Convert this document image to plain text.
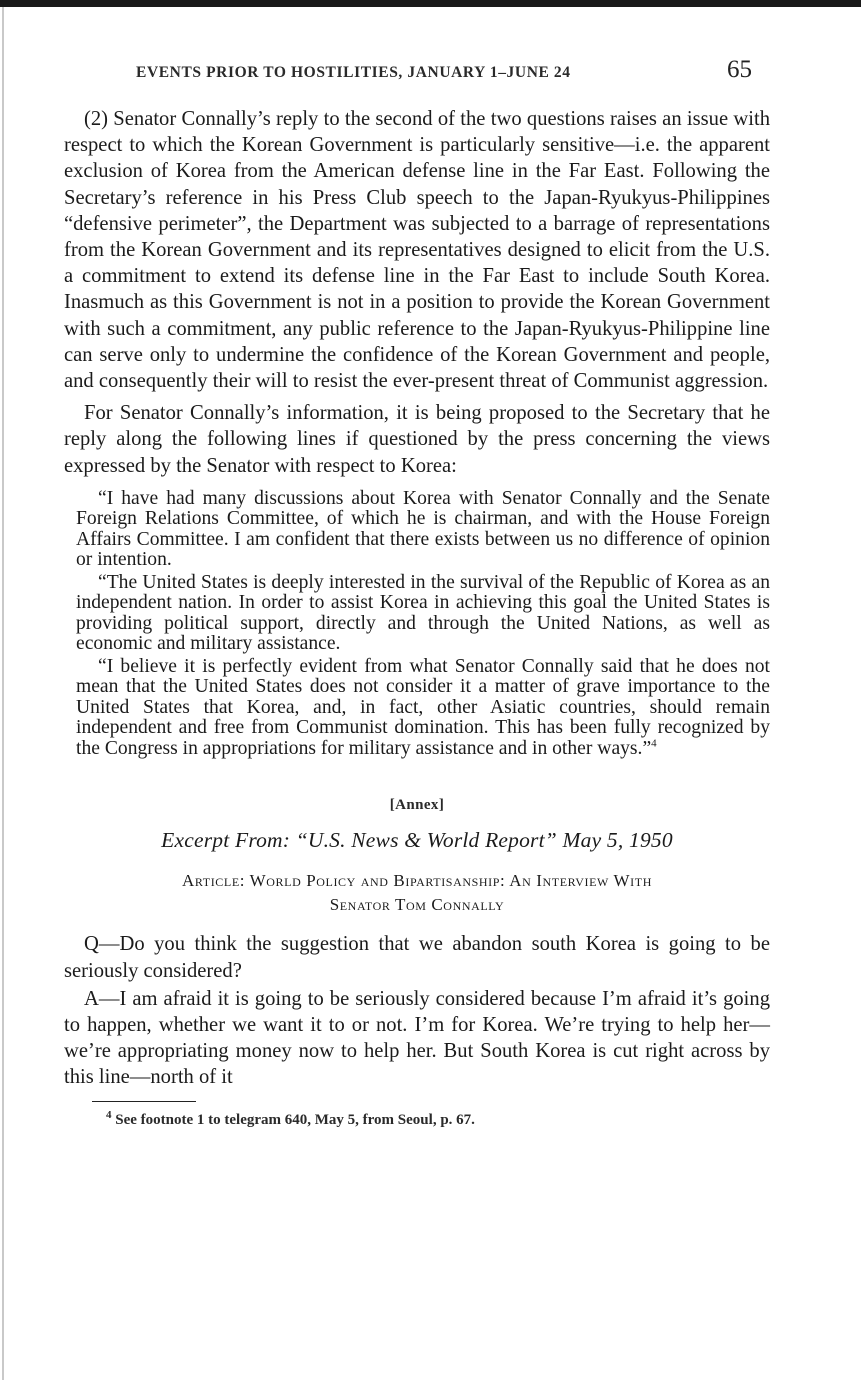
EVENTS PRIOR TO HOSTILITIES, JANUARY 1–JUNE 24	65

(2) Senator Connally’s reply to the second of the two questions raises an issue with respect to which the Korean Government is particularly sensitive—i.e. the apparent exclusion of Korea from the American defense line in the Far East. Following the Secretary’s reference in his Press Club speech to the Japan-Ryukyus-Philippines “defensive perimeter”, the Department was subjected to a barrage of representations from the Korean Government and its representatives designed to elicit from the U.S. a commitment to extend its defense line in the Far East to include South Korea. Inasmuch as this Government is not in a position to provide the Korean Government with such a commitment, any public reference to the Japan-Ryukyus-Philippine line can serve only to undermine the confidence of the Korean Government and people, and consequently their will to resist the ever-present threat of Communist aggression.

For Senator Connally’s information, it is being proposed to the Secretary that he reply along the following lines if questioned by the press concerning the views expressed by the Senator with respect to Korea:

“I have had many discussions about Korea with Senator Connally and the Senate Foreign Relations Committee, of which he is chairman, and with the House Foreign Affairs Committee. I am confident that there exists between us no difference of opinion or intention.

“The United States is deeply interested in the survival of the Republic of Korea as an independent nation. In order to assist Korea in achieving this goal the United States is providing political support, directly and through the United Nations, as well as economic and military assistance.

“I believe it is perfectly evident from what Senator Connally said that he does not mean that the United States does not consider it a matter of grave importance to the United States that Korea, and, in fact, other Asiatic countries, should remain independent and free from Communist domination. This has been fully recognized by the Congress in appropriations for military assistance and in other ways.”$^4$

[Annex]
Excerpt From: “U.S. News & World Report” May 5, 1950
Article: World Policy and Bipartisanship: An Interview With
Senator Tom Connally

Q—Do you think the suggestion that we abandon south Korea is going to be seriously considered?

A—I am afraid it is going to be seriously considered because I’m afraid it’s going to happen, whether we want it to or not. I’m for Korea. We’re trying to help her—we’re appropriating money now to help her. But South Korea is cut right across by this line—north of it

$^4$ See footnote 1 to telegram 640, May 5, from Seoul, p. 67.
